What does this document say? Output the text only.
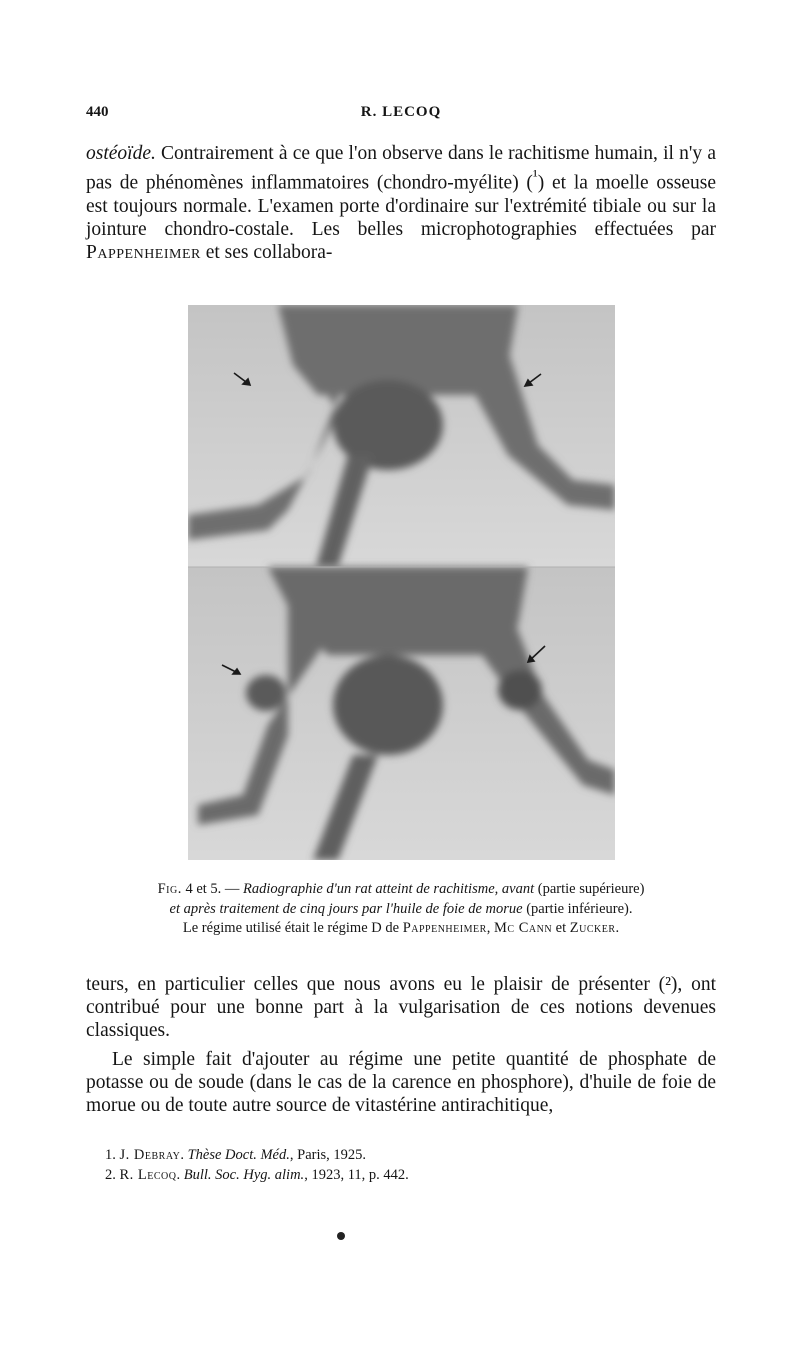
440	R. LECOQ
ostéoïde. Contrairement à ce que l'on observe dans le rachitisme humain, il n'y a pas de phénomènes inflammatoires (chondro-myélite) ($^{^1}$) et la moelle osseuse est toujours normale. L'examen porte d'ordinaire sur l'extrémité tibiale ou sur la jointure chondro-costale. Les belles microphotographies effectuées par Pappenheimer et ses collabora-
Fig. 4 et 5. — Radiographie d'un rat atteint de rachitisme, avant (partie supérieure)
et après traitement de cinq jours par l'huile de foie de morue (partie inférieure).
Le régime utilisé était le régime D de Pappenheimer, Mc Cann et Zucker.
teurs, en particulier celles que nous avons eu le plaisir de présenter (²), ont contribué pour une bonne part à la vulgarisation de ces notions devenues classiques.
Le simple fait d'ajouter au régime une petite quantité de phosphate de potasse ou de soude (dans le cas de la carence en phosphore), d'huile de foie de morue ou de toute autre source de vitastérine antirachitique,
1. J. Debray. Thèse Doct. Méd., Paris, 1925.
2. R. Lecoq. Bull. Soc. Hyg. alim., 1923, 11, p. 442.
